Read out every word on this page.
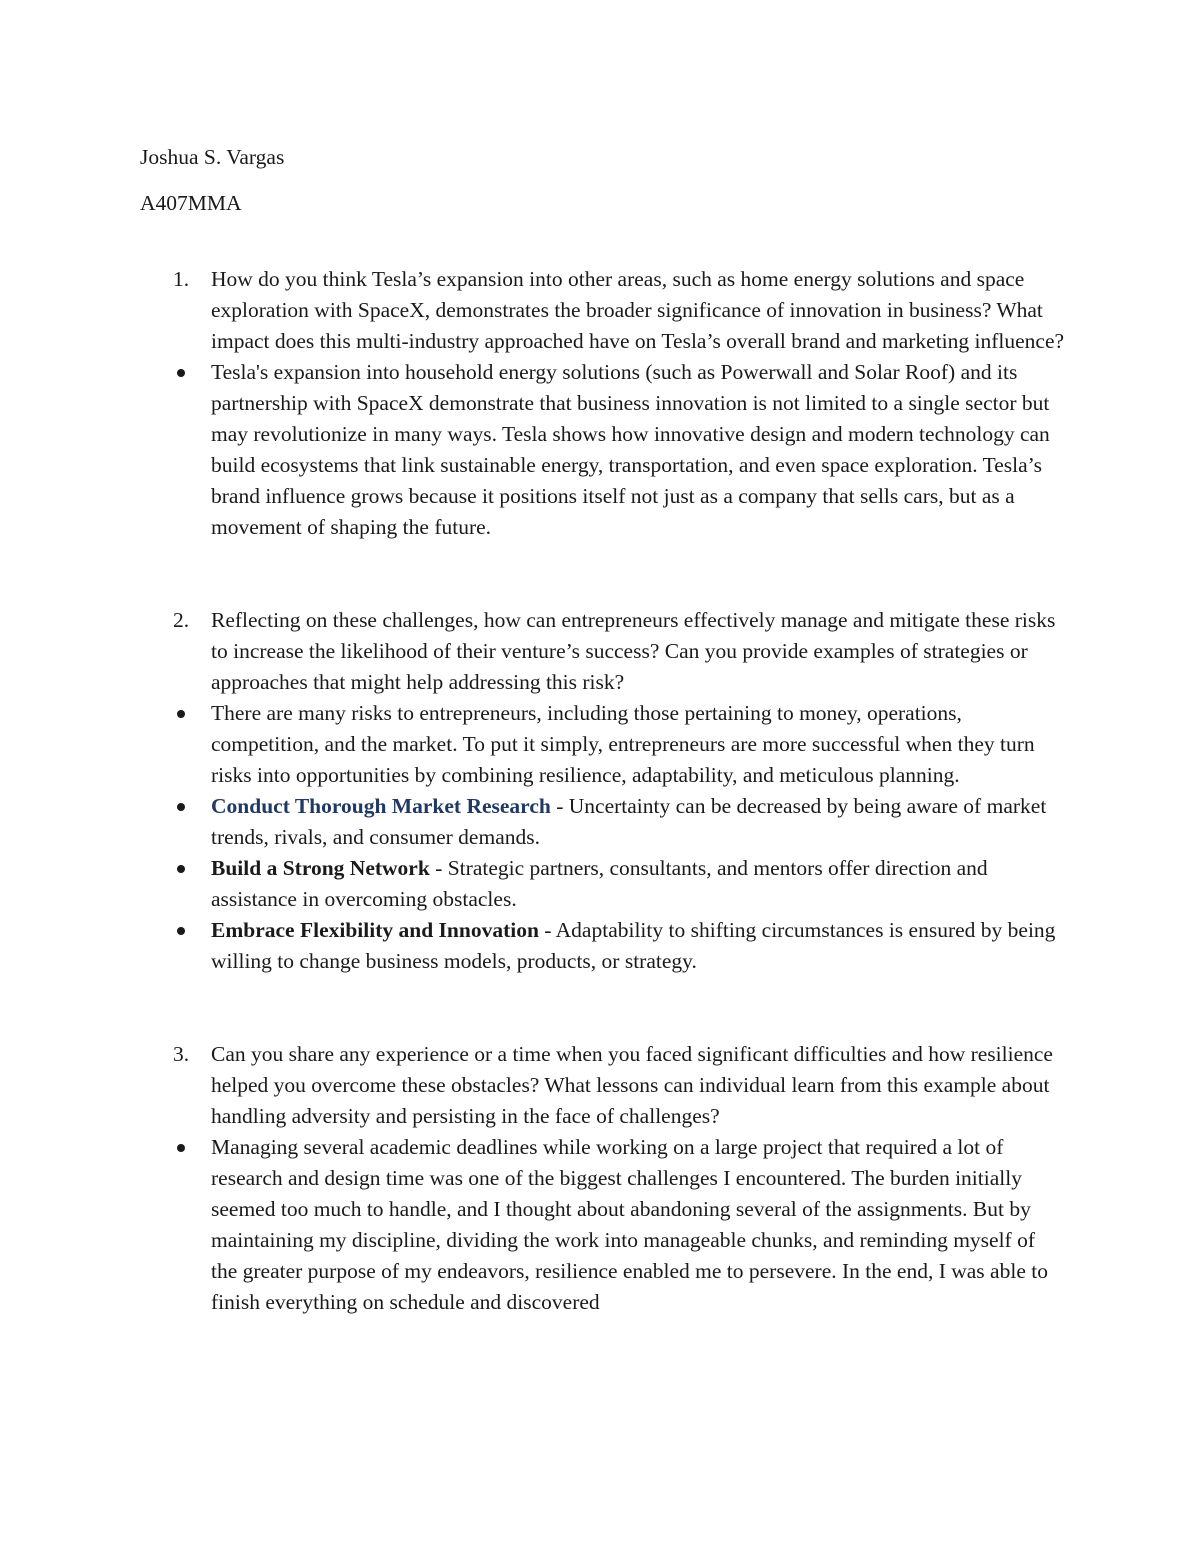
Joshua S. Vargas

A407MMA

1.	How do you think Tesla’s expansion into other areas, such as home energy solutions and space exploration with SpaceX, demonstrates the broader significance of innovation in business? What impact does this multi-industry approached have on Tesla’s overall brand and marketing influence?
Tesla's expansion into household energy solutions (such as Powerwall and Solar Roof) and its partnership with SpaceX demonstrate that business innovation is not limited to a single sector but may revolutionize in many ways. Tesla shows how innovative design and modern technology can build ecosystems that link sustainable energy, transportation, and even space exploration. Tesla’s brand influence grows because it positions itself not just as a company that sells cars, but as a movement of shaping the future.
2.	Reflecting on these challenges, how can entrepreneurs effectively manage and mitigate these risks to increase the likelihood of their venture’s success? Can you provide examples of strategies or approaches that might help addressing this risk?
There are many risks to entrepreneurs, including those pertaining to money, operations, competition, and the market. To put it simply, entrepreneurs are more successful when they turn risks into opportunities by combining resilience, adaptability, and meticulous planning.
Conduct Thorough Market Research - Uncertainty can be decreased by being aware of market trends, rivals, and consumer demands.
Build a Strong Network - Strategic partners, consultants, and mentors offer direction and assistance in overcoming obstacles.
Embrace Flexibility and Innovation - Adaptability to shifting circumstances is ensured by being willing to change business models, products, or strategy.
3.	Can you share any experience or a time when you faced significant difficulties and how resilience helped you overcome these obstacles? What lessons can individual learn from this example about handling adversity and persisting in the face of challenges?
Managing several academic deadlines while working on a large project that required a lot of research and design time was one of the biggest challenges I encountered. The burden initially seemed too much to handle, and I thought about abandoning several of the assignments. But by maintaining my discipline, dividing the work into manageable chunks, and reminding myself of the greater purpose of my endeavors, resilience enabled me to persevere. In the end, I was able to finish everything on schedule and discovered
